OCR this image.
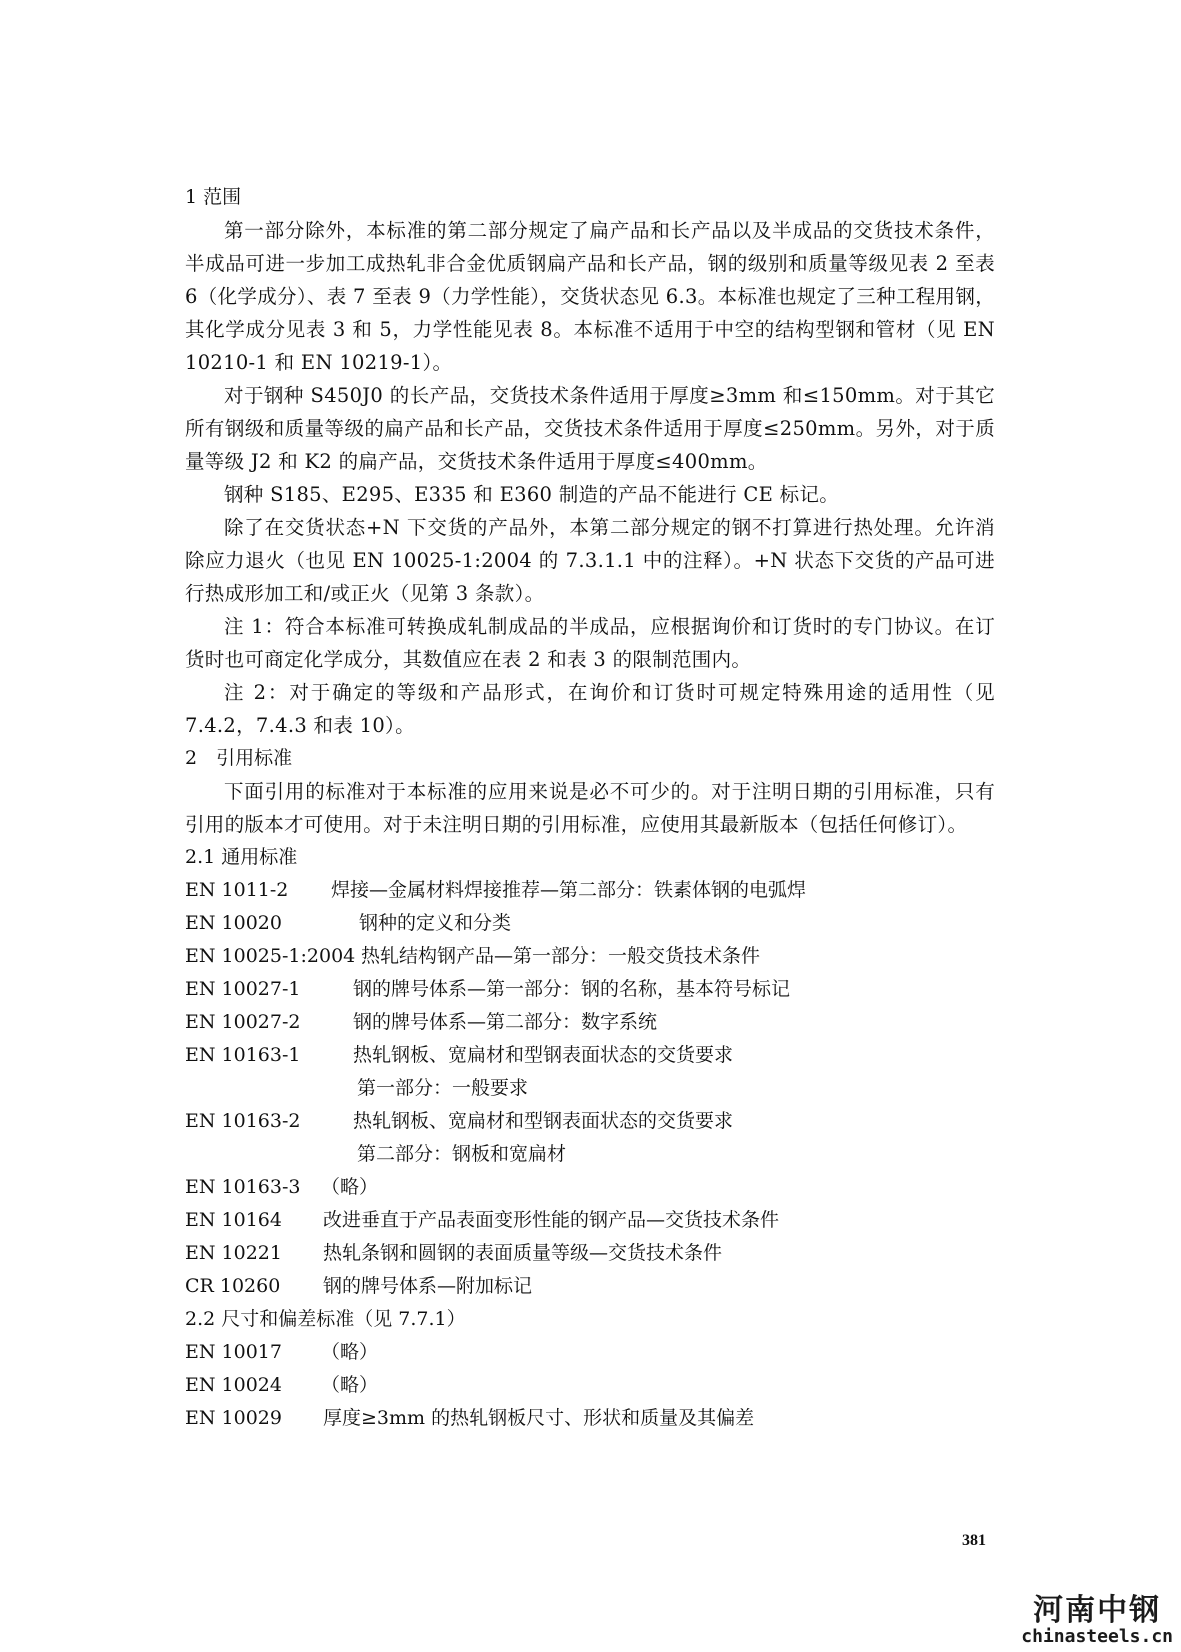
1 范围

第一部分除外，本标准的第二部分规定了扁产品和长产品以及半成品的交货技术条件，半成品可进一步加工成热轧非合金优质钢扁产品和长产品，钢的级别和质量等级见表 2 至表 6（化学成分）、表 7 至表 9（力学性能），交货状态见 6.3。本标准也规定了三种工程用钢，其化学成分见表 3 和 5，力学性能见表 8。本标准不适用于中空的结构型钢和管材（见 EN 10210-1 和 EN 10219-1）。

对于钢种 S450J0 的长产品，交货技术条件适用于厚度≥3mm 和≤150mm。对于其它所有钢级和质量等级的扁产品和长产品，交货技术条件适用于厚度≤250mm。另外，对于质量等级 J2 和 K2 的扁产品，交货技术条件适用于厚度≤400mm。

钢种 S185、E295、E335 和 E360 制造的产品不能进行 CE 标记。

除了在交货状态+N 下交货的产品外，本第二部分规定的钢不打算进行热处理。允许消除应力退火（也见 EN 10025-1:2004 的 7.3.1.1 中的注释）。+N 状态下交货的产品可进行热成形加工和/或正火（见第 3 条款）。

注 1：符合本标准可转换成轧制成品的半成品，应根据询价和订货时的专门协议。在订货时也可商定化学成分，其数值应在表 2 和表 3 的限制范围内。

注 2：对于确定的等级和产品形式，在询价和订货时可规定特殊用途的适用性（见 7.4.2，7.4.3 和表 10）。

2　引用标准

下面引用的标准对于本标准的应用来说是必不可少的。对于注明日期的引用标准，只有引用的版本才可使用。对于未注明日期的引用标准，应使用其最新版本（包括任何修订）。

2.1 通用标准
EN 1011-2 焊接—金属材料焊接推荐—第二部分：铁素体钢的电弧焊
EN 10020	钢种的定义和分类
EN 10025-1:2004 热轧结构钢产品—第一部分：一般交货技术条件
EN 10027-1	钢的牌号体系—第一部分：钢的名称，基本符号标记
EN 10027-2	钢的牌号体系—第二部分：数字系统
EN 10163-1	热轧钢板、宽扁材和型钢表面状态的交货要求
第一部分：一般要求
EN 10163-2	热轧钢板、宽扁材和型钢表面状态的交货要求
第二部分：钢板和宽扁材
EN 10163-3 （略）
EN 10164 改进垂直于产品表面变形性能的钢产品—交货技术条件
EN 10221 热轧条钢和圆钢的表面质量等级—交货技术条件
CR 10260 钢的牌号体系—附加标记
2.2 尺寸和偏差标准（见 7.7.1）
EN 10017 （略）
EN 10024 （略）
EN 10029 厚度≥3mm 的热轧钢板尺寸、形状和质量及其偏差
381
河南中钢
chinasteels.cn
